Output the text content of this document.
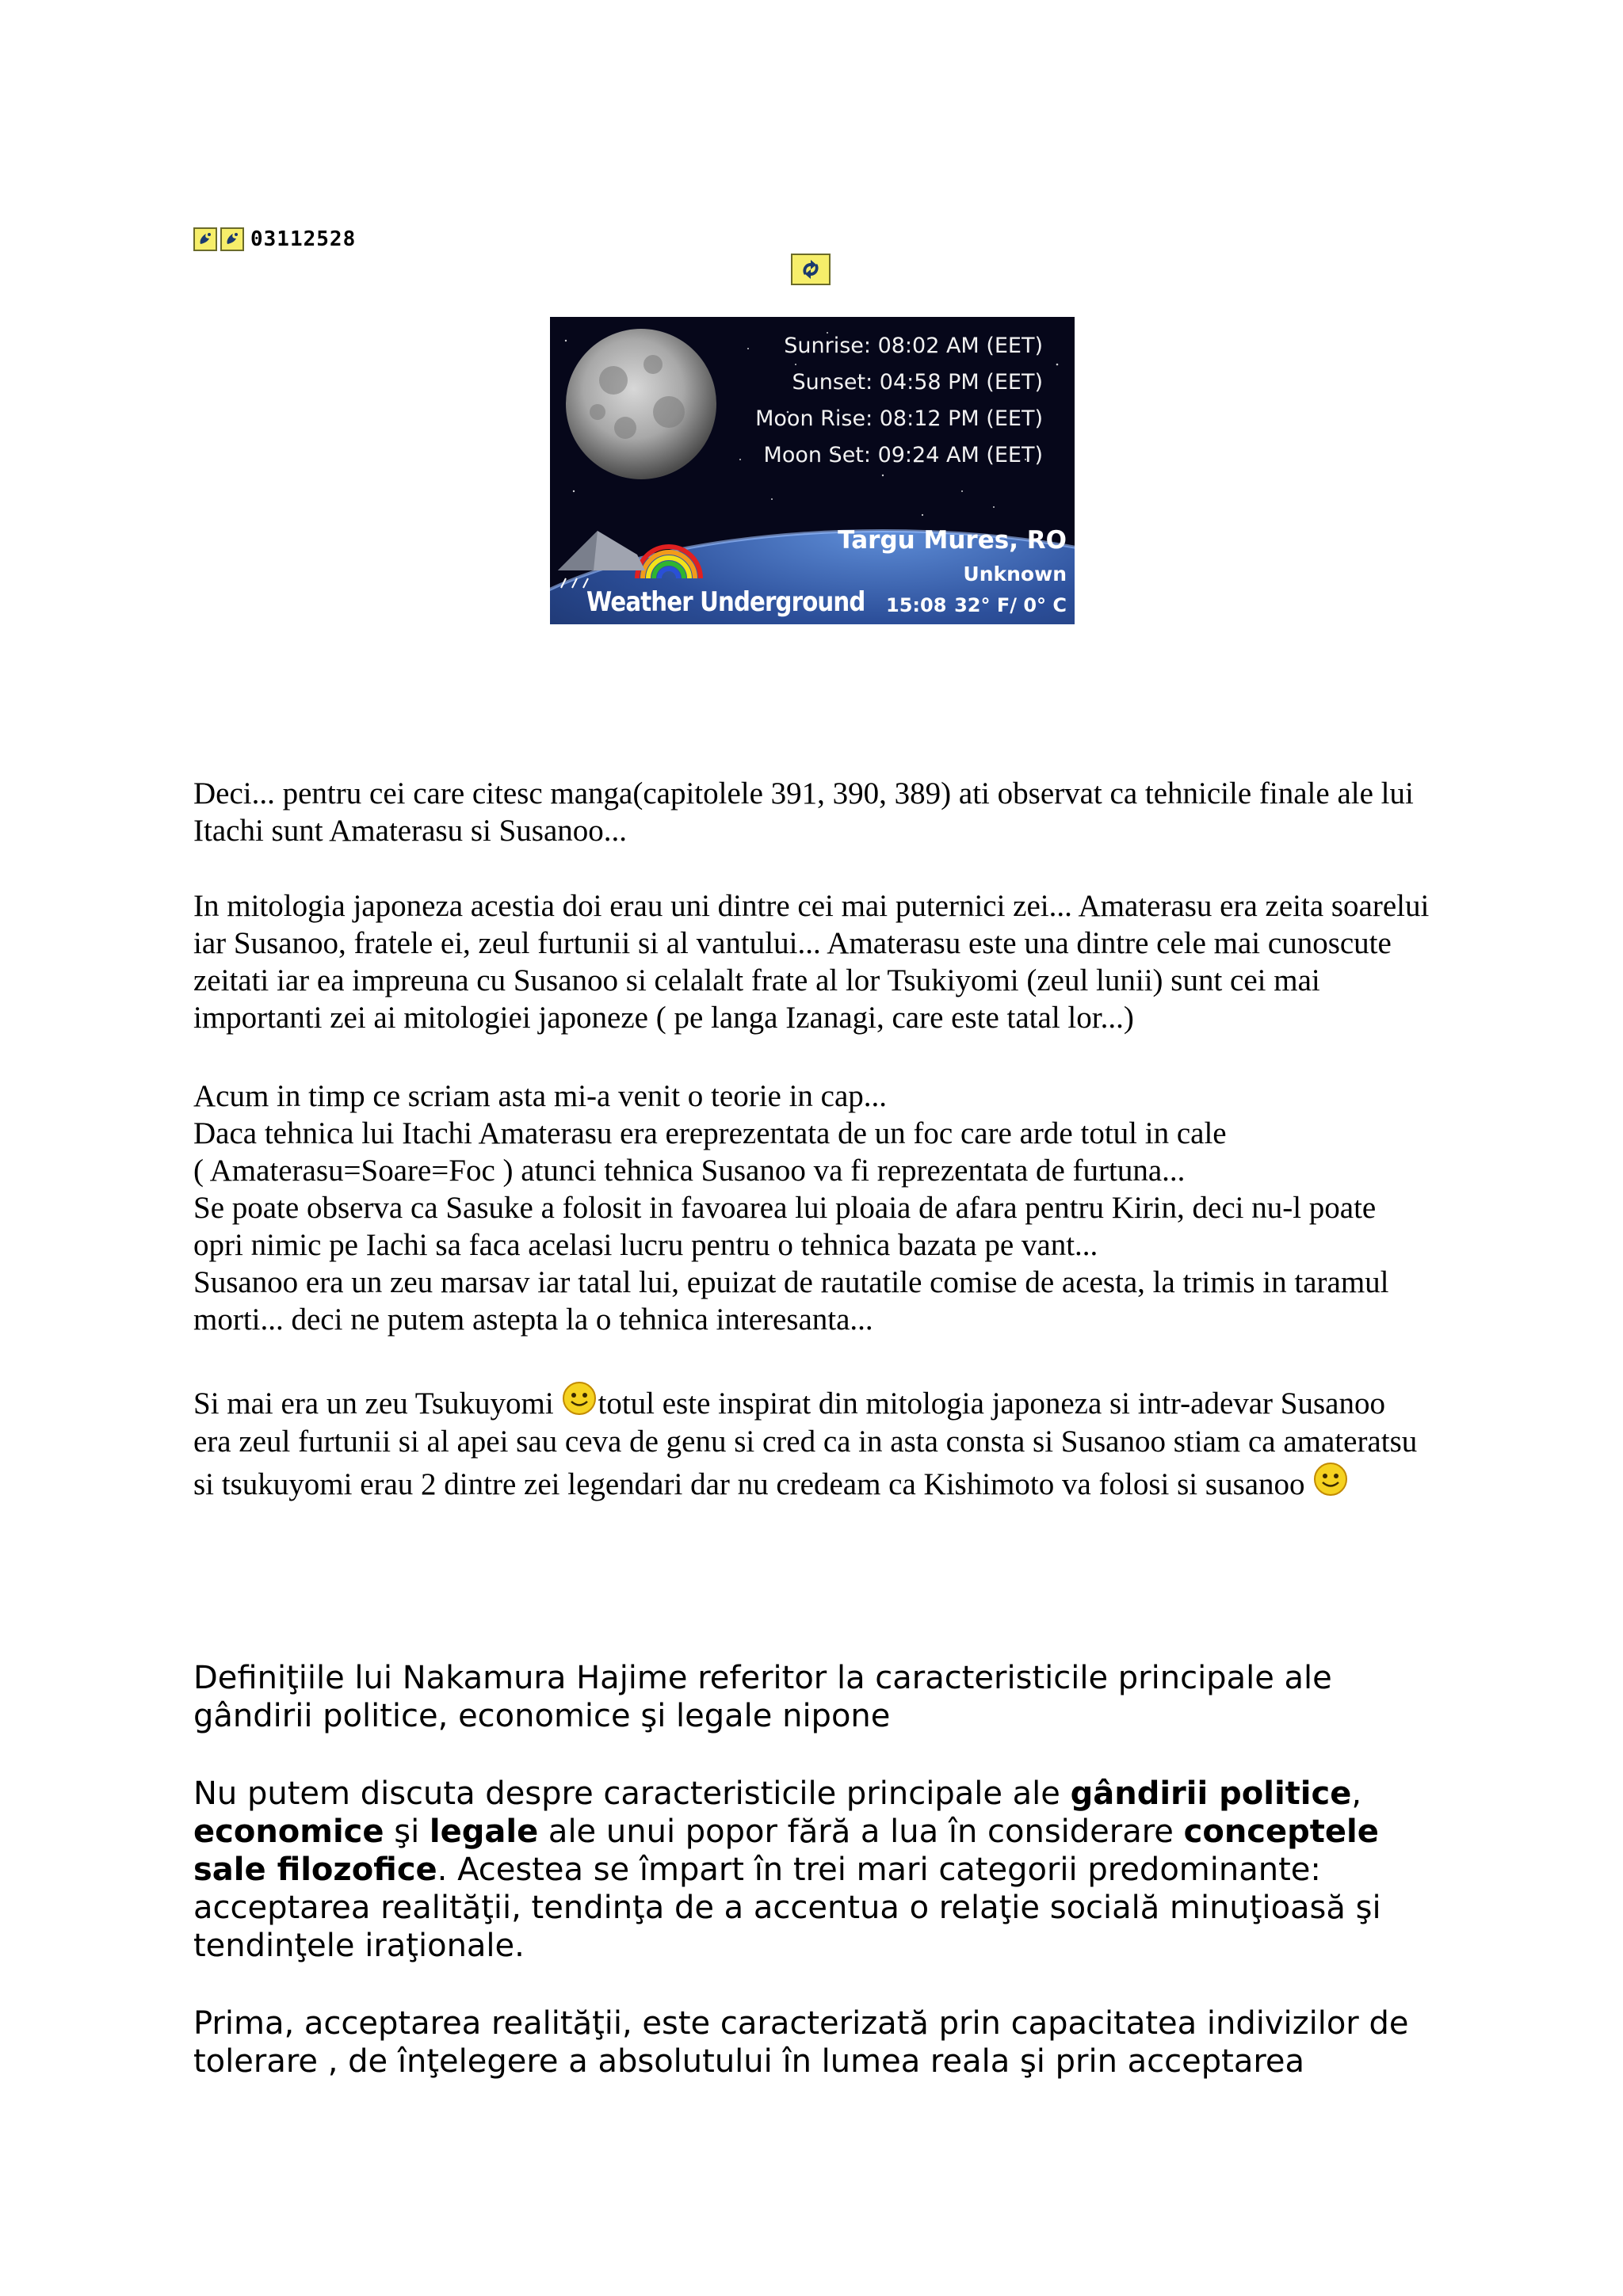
03112528
Sunrise: 08:02 AM (EET)
Sunset: 04:58 PM (EET)
Moon Rise: 08:12 PM (EET)
Moon Set: 09:24 AM (EET)
Targu Mures, RO
Unknown
Weather Underground 15:08 32° F/ 0° C

Deci... pentru cei care citesc manga(capitolele 391, 390, 389) ati observat ca tehnicile finale ale lui Itachi sunt Amaterasu si Susanoo...

In mitologia japoneza acestia doi erau uni dintre cei mai puternici zei... Amaterasu era zeita soarelui iar Susanoo, fratele ei, zeul furtunii si al vantului... Amaterasu este una dintre cele mai cunoscute zeitati iar ea impreuna cu Susanoo si celalalt frate al lor Tsukiyomi (zeul lunii) sunt cei mai importanti zei ai mitologiei japoneze ( pe langa Izanagi, care este tatal lor...)

Acum in timp ce scriam asta mi-a venit o teorie in cap...

Daca tehnica lui Itachi Amaterasu era ereprezentata de un foc care arde totul in cale

( Amaterasu=Soare=Foc ) atunci tehnica Susanoo va fi reprezentata de furtuna...

Se poate observa ca Sasuke a folosit in favoarea lui ploaia de afara pentru Kirin, deci nu-l poate opri nimic pe Iachi sa faca acelasi lucru pentru o tehnica bazata pe vant...

Susanoo era un zeu marsav iar tatal lui, epuizat de rautatile comise de acesta, la trimis in taramul morti... deci ne putem astepta la o tehnica interesanta...

Si mai era un zeu Tsukuyomi totul este inspirat din mitologia japoneza si intr-adevar Susanoo era zeul furtunii si al apei sau ceva de genu si cred ca in asta consta si Susanoo stiam ca amateratsu si tsukuyomi erau 2 dintre zei legendari dar nu credeam ca Kishimoto va folosi si susanoo

Definiţiile lui Nakamura Hajime referitor la caracteristicile principale ale gândirii politice, economice şi legale nipone

Nu putem discuta despre caracteristicile principale ale gândirii politice, economice şi legale ale unui popor fără a lua în considerare conceptele sale filozofice. Acestea se împart în trei mari categorii predominante: acceptarea realităţii, tendinţa de a accentua o relaţie socială minuţioasă şi tendinţele iraţionale.

Prima, acceptarea realităţii, este caracterizată prin capacitatea indivizilor de tolerare , de înţelegere a absolutului în lumea reala şi prin acceptarea
